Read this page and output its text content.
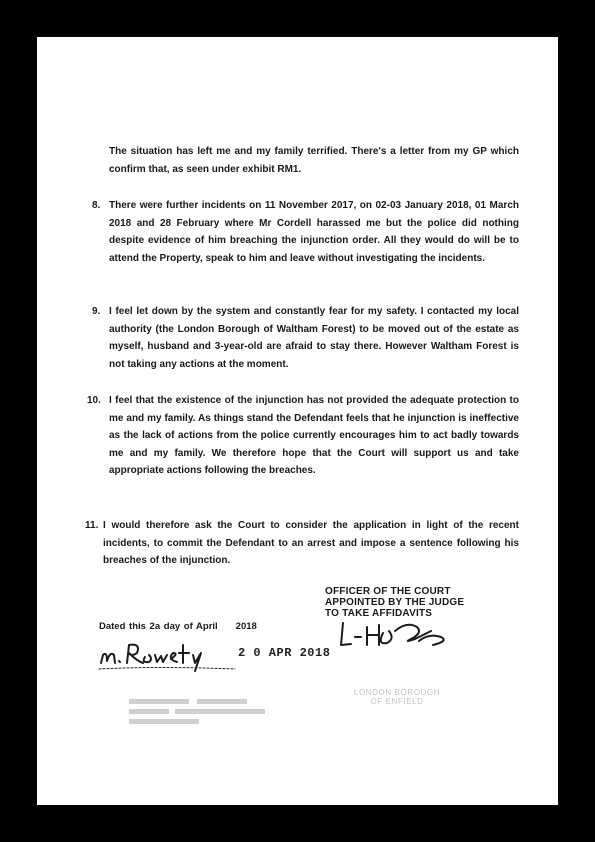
The situation has left me and my family terrified. There's a letter from my GP which confirm that, as seen under exhibit RM1.
8. There were further incidents on 11 November 2017, on 02-03 January 2018, 01 March 2018 and 28 February where Mr Cordell harassed me but the police did nothing despite evidence of him breaching the injunction order. All they would do will be to attend the Property, speak to him and leave without investigating the incidents.
9. I feel let down by the system and constantly fear for my safety. I contacted my local authority (the London Borough of Waltham Forest) to be moved out of the estate as myself, husband and 3-year-old are afraid to stay there. However Waltham Forest is not taking any actions at the moment.
10. I feel that the existence of the injunction has not provided the adequate protection to me and my family. As things stand the Defendant feels that he injunction is ineffective as the lack of actions from the police currently encourages him to act badly towards me and my family. We therefore hope that the Court will support us and take appropriate actions following the breaches.
11. I would therefore ask the Court to consider the application in light of the recent incidents, to commit the Defendant to an arrest and impose a sentence following his breaches of the injunction.
OFFICER OF THE COURT
APPOINTED BY THE JUDGE
TO TAKE AFFIDAVITS
Dated this 2a day of April 2018
2 0 APR 2018
LONDON BOROUGH
OF ENFIELD
